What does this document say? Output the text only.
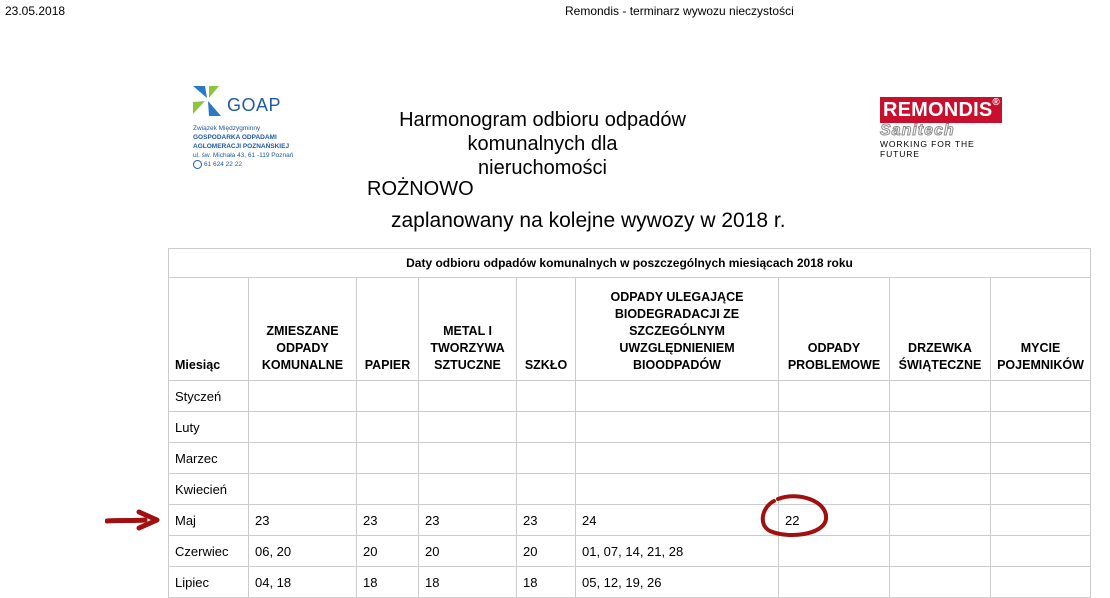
23.05.2018	Remondis - terminarz wywozu nieczystości
GOAP
Związek Międzygminny
GOSPODARKA ODPADAMI
AGLOMERACJI POZNAŃSKIEJ
ul. św. Michała 43, 61 -119 Poznań
61 624 22 22
Harmonogram odbioru odpadów komunalnych dla
nieruchomości
REMONDIS®
Sanitech
WORKING FOR THE FUTURE
ROŻNOWO
zaplanowany na kolejne wywozy w 2018 r.
Daty odbioru odpadów komunalnych w poszczególnych miesiącach 2018 roku								
Miesiąc	ZMIESZANE ODPADY KOMUNALNE	PAPIER	METAL I TWORZYWA SZTUCZNE	SZKŁO	ODPADY ULEGAJĄCE BIODEGRADACJI ZE SZCZEGÓLNYM UWZGLĘDNIENIEM BIOODPADÓW	ODPADY PROBLEMOWE	DRZEWKA ŚWIĄTECZNE	MYCIE POJEMNIKÓW
Styczeń								
Luty								
Marzec								
Kwiecień								
Maj	23	23	23	23	24	22		
Czerwiec	06, 20	20	20	20	01, 07, 14, 21, 28			
Lipiec	04, 18	18	18	18	05, 12, 19, 26			
